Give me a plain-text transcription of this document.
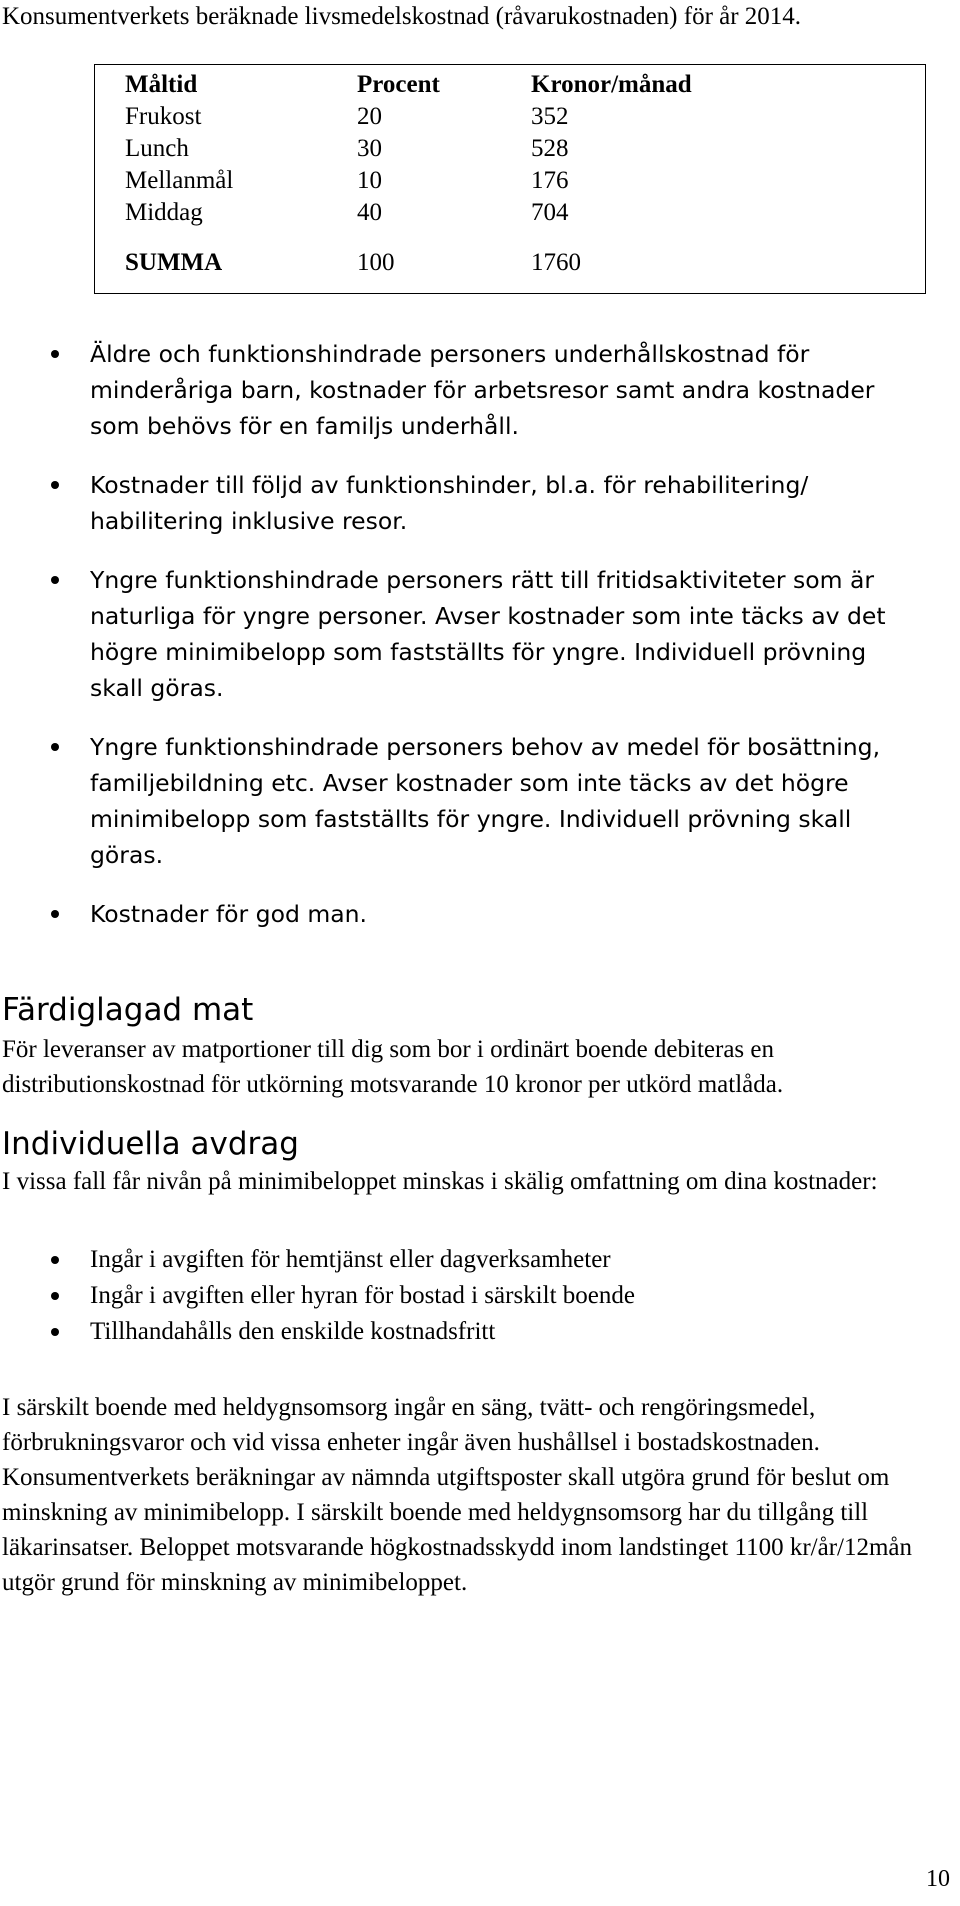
Konsumentverkets beräknade livsmedelskostnad (råvarukostnaden) för år 2014.
Måltid	Procent	Kronor/månad
Frukost	20	352
Lunch	30	528
Mellanmål	10	176
Middag	40	704
SUMMA	100	1760
Äldre och funktionshindrade personers underhållskostnad för minderåriga barn, kostnader för arbetsresor samt andra kostnader som behövs för en familjs underhåll.
Kostnader till följd av funktionshinder, bl.a. för rehabilitering/ habilitering inklusive resor.
Yngre funktionshindrade personers rätt till fritidsaktiviteter som är naturliga för yngre personer. Avser kostnader som inte täcks av det högre minimibelopp som fastställts för yngre. Individuell prövning skall göras.
Yngre funktionshindrade personers behov av medel för bosättning, familjebildning etc. Avser kostnader som inte täcks av det högre minimibelopp som fastställts för yngre. Individuell prövning skall göras.
Kostnader för god man.
Färdiglagad mat
För leveranser av matportioner till dig som bor i ordinärt boende debiteras en distributionskostnad för utkörning motsvarande 10 kronor per utkörd matlåda.
Individuella avdrag
I vissa fall får nivån på minimibeloppet minskas i skälig omfattning om dina kostnader:
Ingår i avgiften för hemtjänst eller dagverksamheter
Ingår i avgiften eller hyran för bostad i särskilt boende
Tillhandahålls den enskilde kostnadsfritt
I särskilt boende med heldygnsomsorg ingår en säng, tvätt- och rengöringsmedel, förbrukningsvaror och vid vissa enheter ingår även hushållsel i bostadskostnaden. Konsumentverkets beräkningar av nämnda utgiftsposter skall utgöra grund för beslut om minskning av minimibelopp. I särskilt boende med heldygnsomsorg har du tillgång till läkarinsatser. Beloppet motsvarande högkostnadsskydd inom landstinget 1100 kr/år/12mån utgör grund för minskning av minimibeloppet.
10
